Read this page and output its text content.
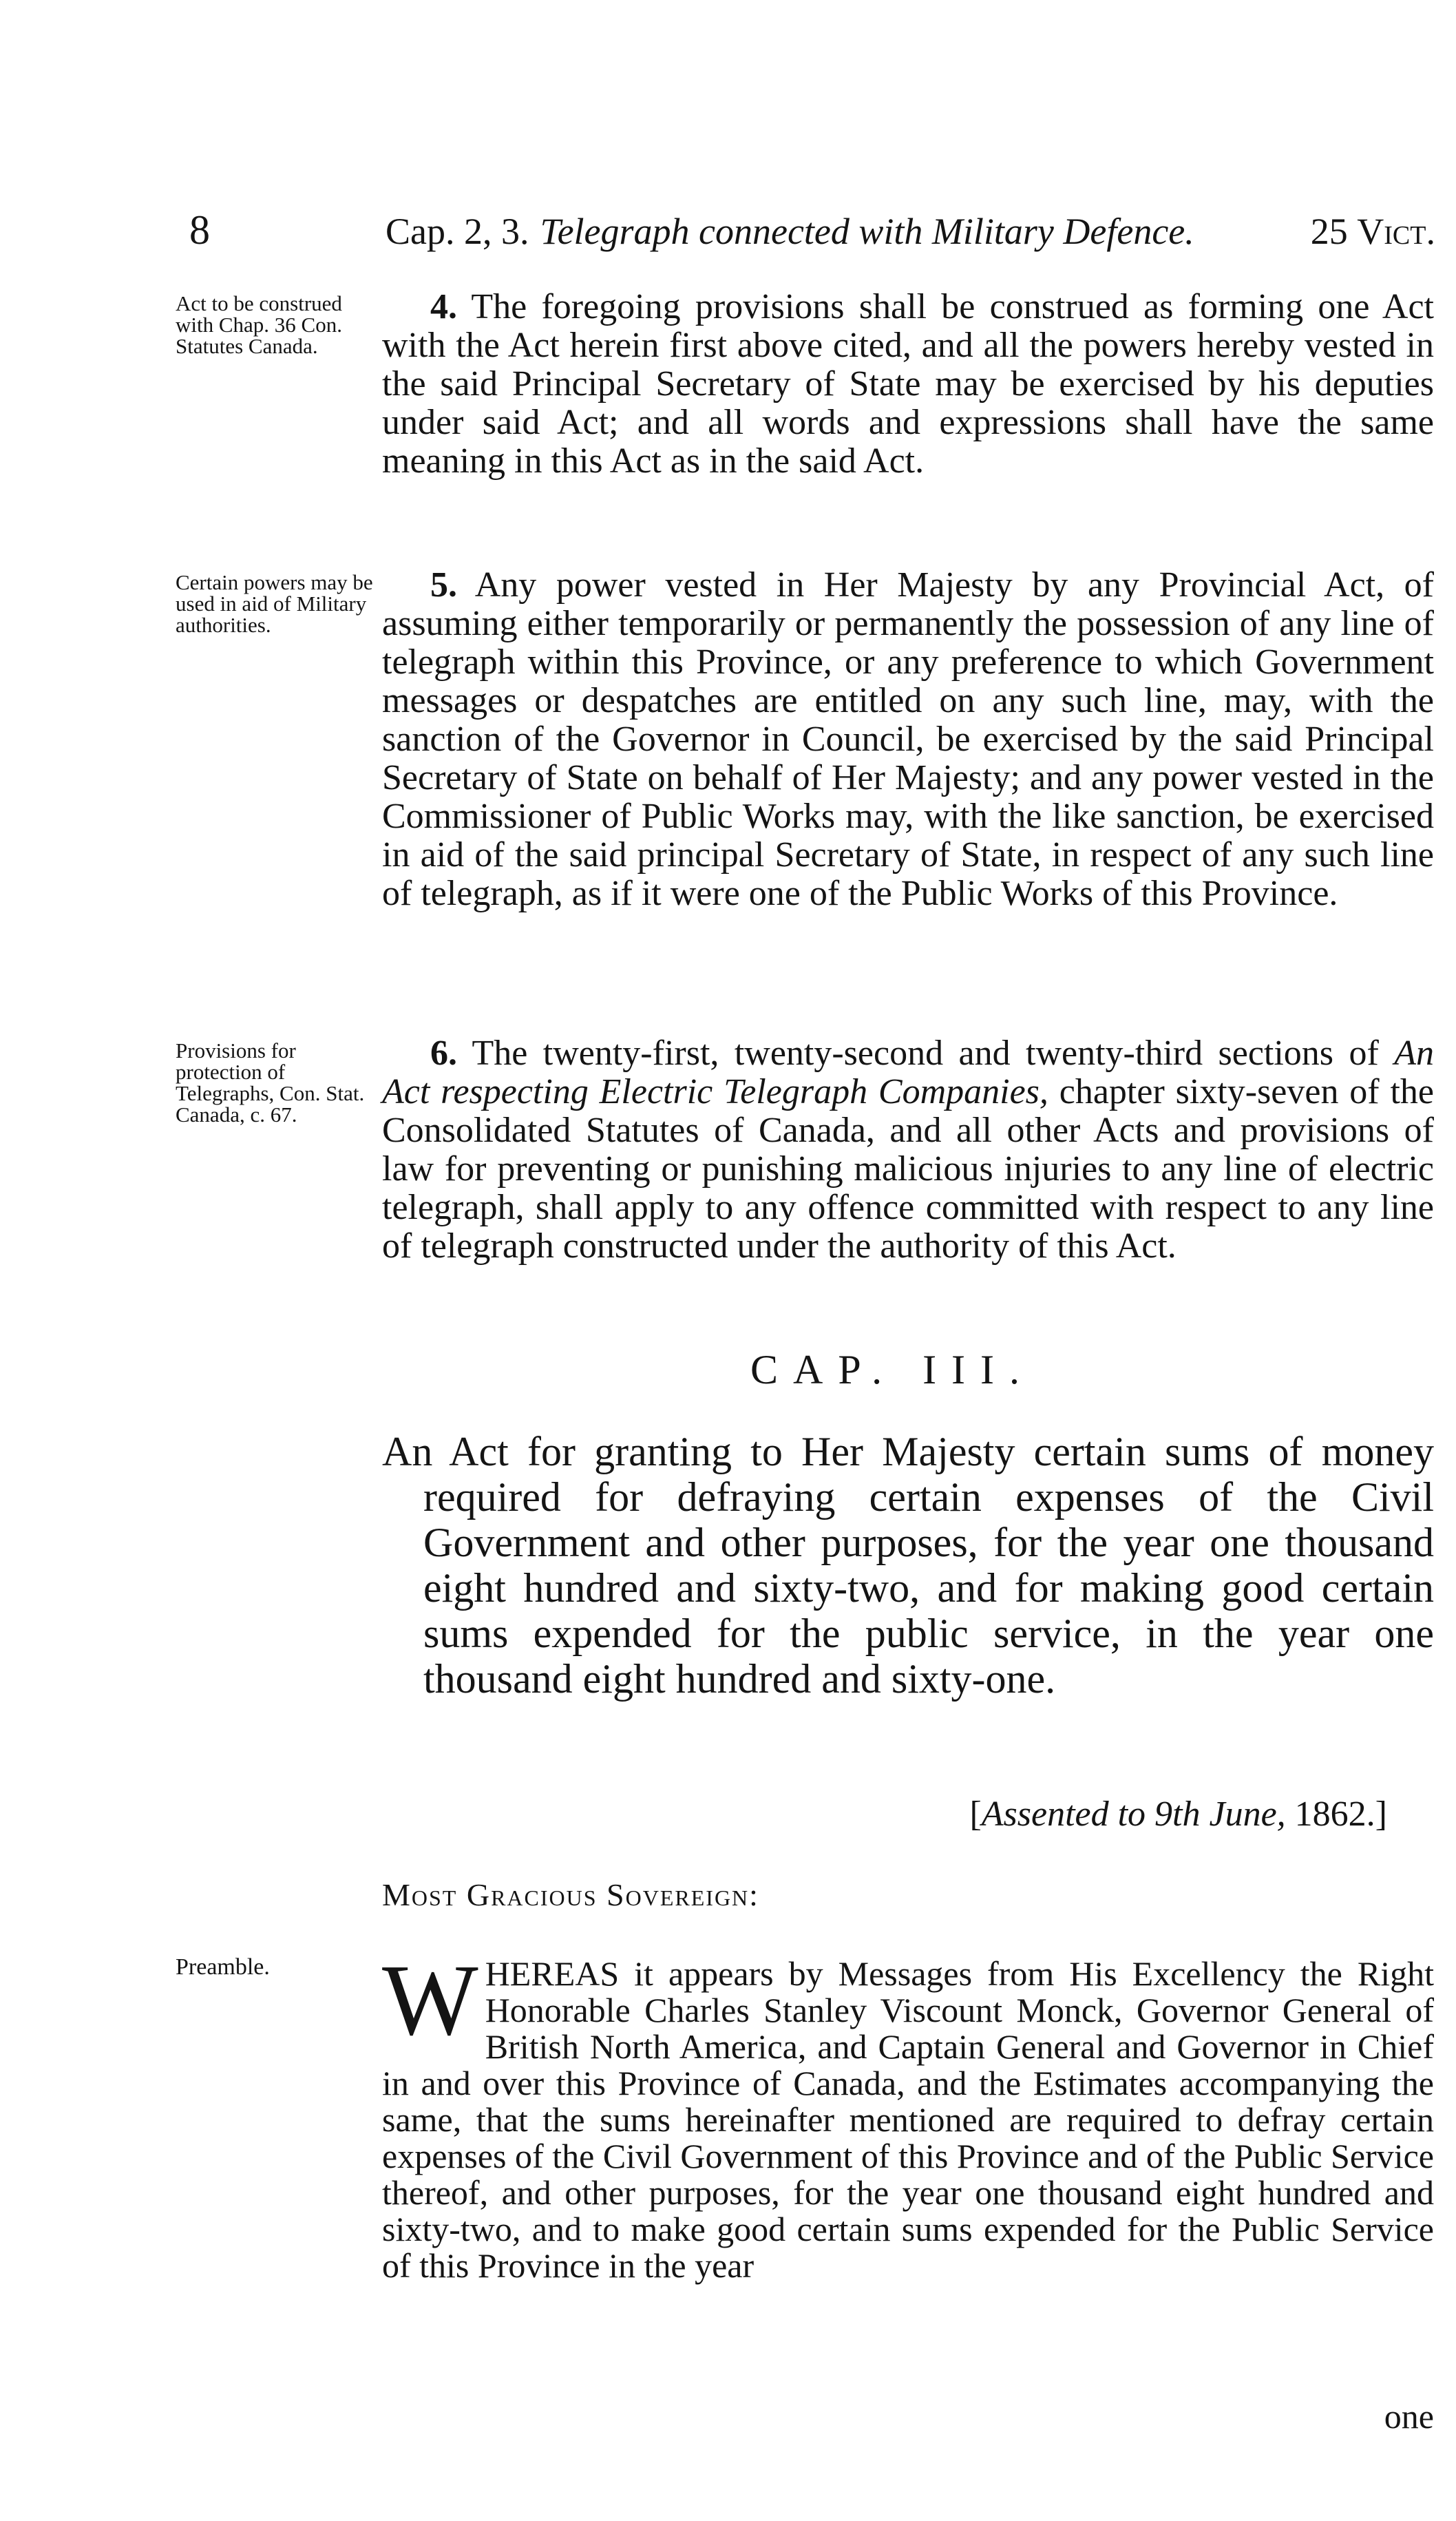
8	Cap. 2, 3. Telegraph connected with Military Defence.	25 Vict.
Act to be construed with Chap. 36 Con. Statutes Canada.

4. The foregoing provisions shall be construed as forming one Act with the Act herein first above cited, and all the powers hereby vested in the said Principal Secretary of State may be exercised by his deputies under said Act; and all words and expressions shall have the same meaning in this Act as in the said Act.

Certain powers may be used in aid of Military authorities.

5. Any power vested in Her Majesty by any Provincial Act, of assuming either temporarily or permanently the possession of any line of telegraph within this Province, or any preference to which Government messages or despatches are entitled on any such line, may, with the sanction of the Governor in Council, be exercised by the said Principal Secretary of State on behalf of Her Majesty; and any power vested in the Commissioner of Public Works may, with the like sanction, be exercised in aid of the said principal Secretary of State, in respect of any such line of telegraph, as if it were one of the Public Works of this Province.

Provisions for protection of Telegraphs, Con. Stat. Canada, c. 67.

6. The twenty-first, twenty-second and twenty-third sections of An Act respecting Electric Telegraph Companies, chapter sixty-seven of the Consolidated Statutes of Canada, and all other Acts and provisions of law for preventing or punishing malicious injuries to any line of electric telegraph, shall apply to any offence committed with respect to any line of telegraph constructed under the authority of this Act.

CAP. III.
An Act for granting to Her Majesty certain sums of money required for defraying certain expenses of the Civil Government and other purposes, for the year one thousand eight hundred and sixty-two, and for making good certain sums expended for the public service, in the year one thousand eight hundred and sixty-one.
[Assented to 9th June, 1862.]
Most Gracious Sovereign:
Preamble. WHEREAS it appears by Messages from His Excellency the Right Honorable Charles Stanley Viscount Monck, Governor General of British North America, and Captain General and Governor in Chief in and over this Province of Canada, and the Estimates accompanying the same, that the sums hereinafter mentioned are required to defray certain expenses of the Civil Government of this Province and of the Public Service thereof, and other purposes, for the year one thousand eight hundred and sixty-two, and to make good certain sums expended for the Public Service of this Province in the year
one
